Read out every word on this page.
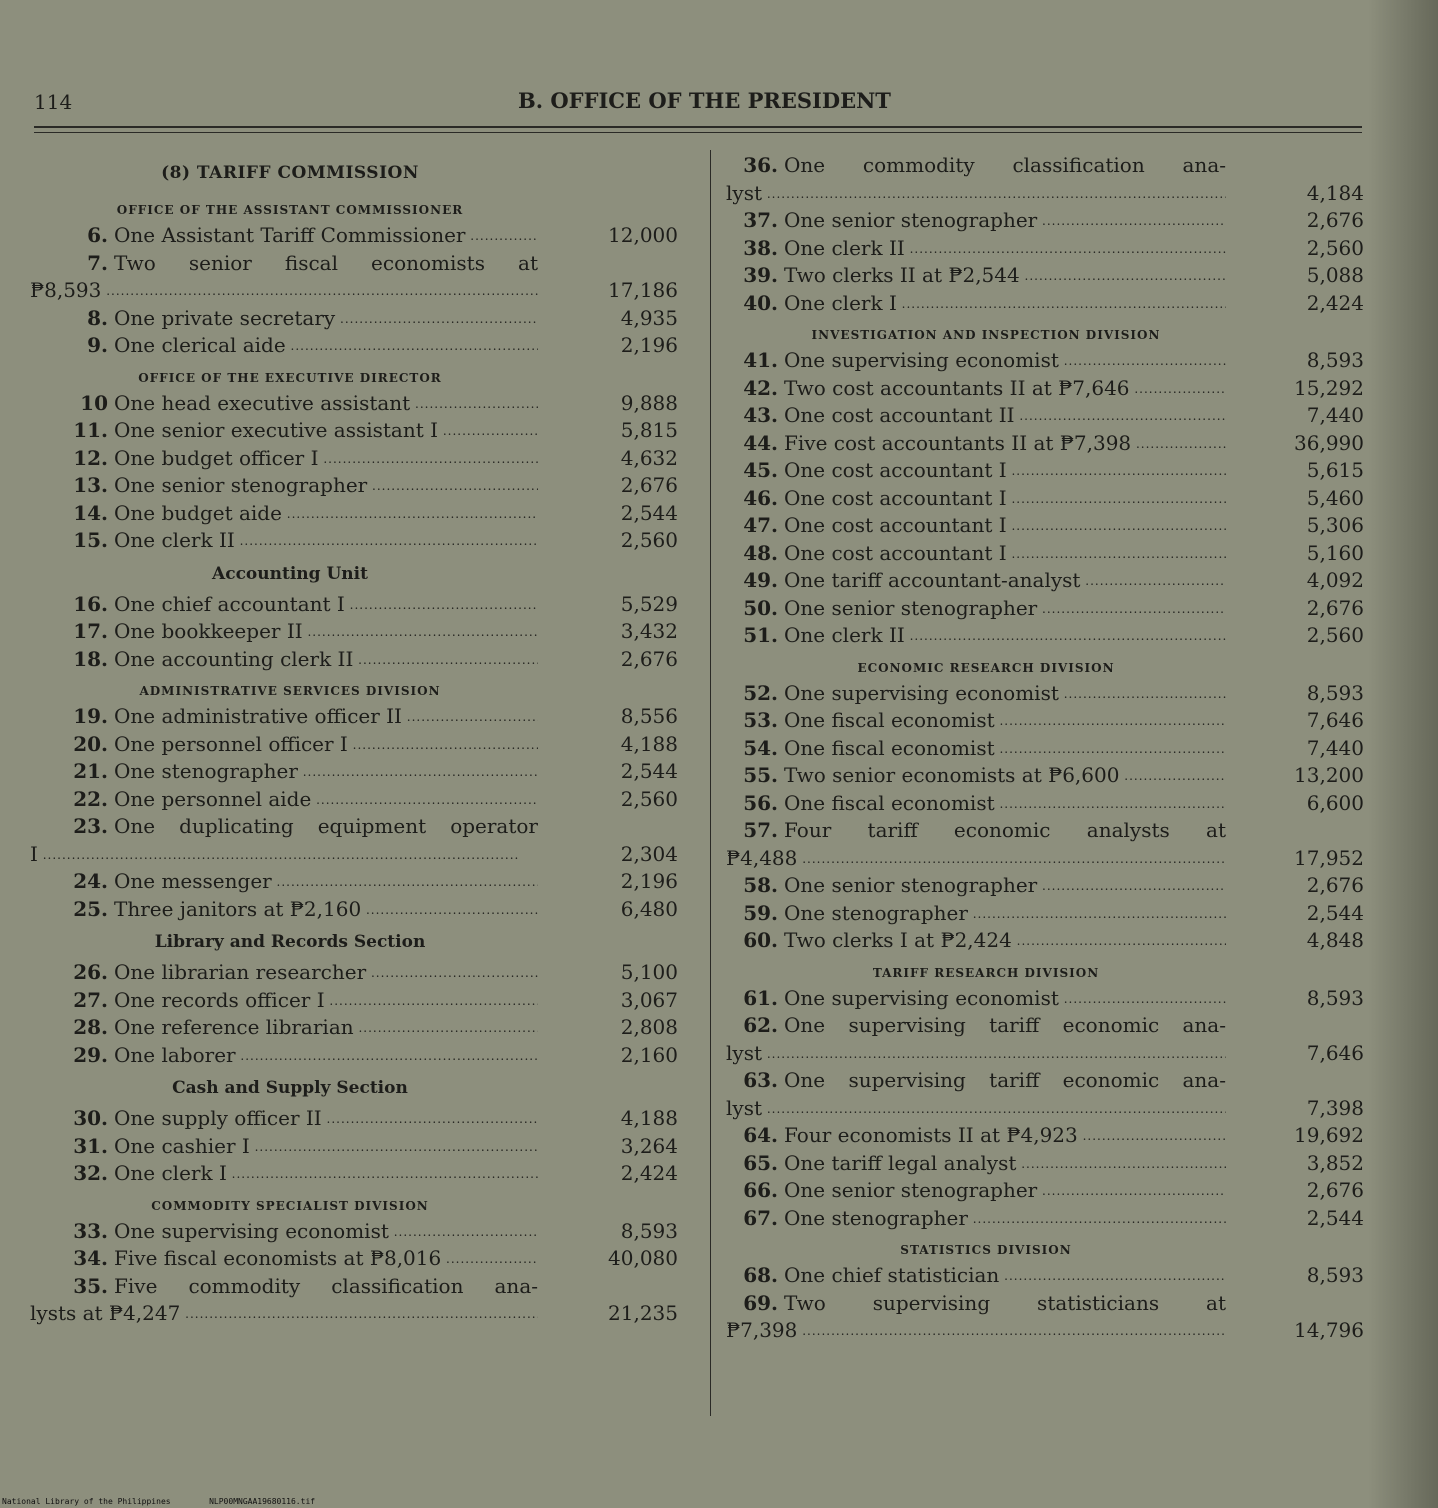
114	B. OFFICE OF THE PRESIDENT
(8) TARIFF COMMISSION
OFFICE OF THE ASSISTANT COMMISSIONER
6. One Assistant Tariff Commissioner .....	12,000
7. Two senior fiscal economists at .....
₱8,593 .....	17,186
8. One private secretary .....	4,935
9. One clerical aide .....	2,196
OFFICE OF THE EXECUTIVE DIRECTOR
10 One head executive assistant .....	9,888
11. One senior executive assistant I .....	5,815
12. One budget officer I .....	4,632
13. One senior stenographer .....	2,676
14. One budget aide .....	2,544
15. One clerk II .....	2,560
Accounting Unit
16. One chief accountant I .....	5,529
17. One bookkeeper II .....	3,432
18. One accounting clerk II .....	2,676
ADMINISTRATIVE SERVICES DIVISION
19. One administrative officer II .....	8,556
20. One personnel officer I .....	4,188
21. One stenographer .....	2,544
22. One personnel aide .....	2,560
23. One duplicating equipment operator .....
I .....	2,304
24. One messenger .....	2,196
25. Three janitors at ₱2,160 .....	6,480
Library and Records Section
26. One librarian researcher .....	5,100
27. One records officer I .....	3,067
28. One reference librarian .....	2,808
29. One laborer .....	2,160
Cash and Supply Section
30. One supply officer II .....	4,188
31. One cashier I .....	3,264
32. One clerk I .....	2,424
COMMODITY SPECIALIST DIVISION
33. One supervising economist .....	8,593
34. Five fiscal economists at ₱8,016 .....	40,080
35. Five commodity classification ana- .....
lysts at ₱4,247 .....	21,235
36. One commodity classification ana- .....
lyst .....	4,184
37. One senior stenographer .....	2,676
38. One clerk II .....	2,560
39. Two clerks II at ₱2,544 .....	5,088
40. One clerk I .....	2,424
INVESTIGATION AND INSPECTION DIVISION
41. One supervising economist .....	8,593
42. Two cost accountants II at ₱7,646 .....	15,292
43. One cost accountant II .....	7,440
44. Five cost accountants II at ₱7,398 .....	36,990
45. One cost accountant I .....	5,615
46. One cost accountant I .....	5,460
47. One cost accountant I .....	5,306
48. One cost accountant I .....	5,160
49. One tariff accountant-analyst .....	4,092
50. One senior stenographer .....	2,676
51. One clerk II .....	2,560
ECONOMIC RESEARCH DIVISION
52. One supervising economist .....	8,593
53. One fiscal economist .....	7,646
54. One fiscal economist .....	7,440
55. Two senior economists at ₱6,600 .....	13,200
56. One fiscal economist .....	6,600
57. Four tariff economic analysts at .....
₱4,488 .....	17,952
58. One senior stenographer .....	2,676
59. One stenographer .....	2,544
60. Two clerks I at ₱2,424 .....	4,848
TARIFF RESEARCH DIVISION
61. One supervising economist .....	8,593
62. One supervising tariff economic ana- .....
lyst .....	7,646
63. One supervising tariff economic ana- .....
lyst .....	7,398
64. Four economists II at ₱4,923 .....	19,692
65. One tariff legal analyst .....	3,852
66. One senior stenographer .....	2,676
67. One stenographer .....	2,544
STATISTICS DIVISION
68. One chief statistician .....	8,593
69. Two supervising statisticians at .....
₱7,398 .....	14,796
National Library of the Philippines	NLP00MNGAA19680116.tif
